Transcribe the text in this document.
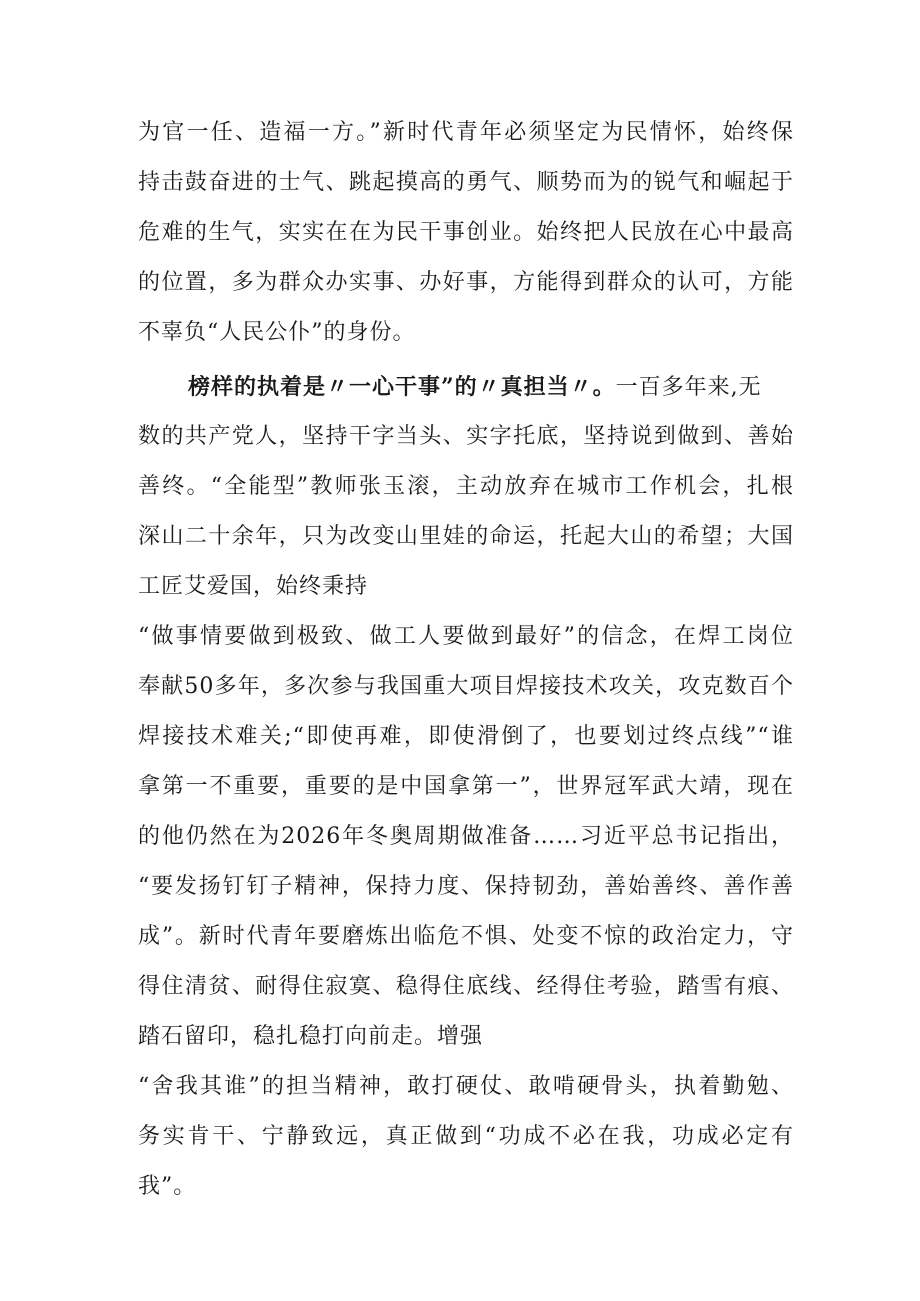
为官一任、造福一方。”新时代青年必须坚定为民情怀，始终保
持击鼓奋进的士气、跳起摸高的勇气、顺势而为的锐气和崛起于
危难的生气，实实在在为民干事创业。始终把人民放在心中最高
的位置，多为群众办实事、办好事，方能得到群众的认可，方能
不辜负“人民公仆”的身份。
榜样的执着是〃一心干事”的〃真担当〃。一百多年来,无
数的共产党人，坚持干字当头、实字托底，坚持说到做到、善始
善终。“全能型”教师张玉滚，主动放弃在城市工作机会，扎根
深山二十余年，只为改变山里娃的命运，托起大山的希望；大国
工匠艾爱国，始终秉持
“做事情要做到极致、做工人要做到最好”的信念，在焊工岗位
奉献50多年，多次参与我国重大项目焊接技术攻关，攻克数百个
焊接技术难关;“即使再难，即使滑倒了，也要划过终点线”“谁
拿第一不重要，重要的是中国拿第一”，世界冠军武大靖，现在
的他仍然在为2026年冬奥周期做准备……习近平总书记指出，
“要发扬钉钉子精神，保持力度、保持韧劲，善始善终、善作善
成”。新时代青年要磨炼出临危不惧、处变不惊的政治定力，守
得住清贫、耐得住寂寞、稳得住底线、经得住考验，踏雪有痕、
踏石留印，稳扎稳打向前走。增强
“舍我其谁”的担当精神，敢打硬仗、敢啃硬骨头，执着勤勉、
务实肯干、宁静致远，真正做到“功成不必在我，功成必定有
我”。
